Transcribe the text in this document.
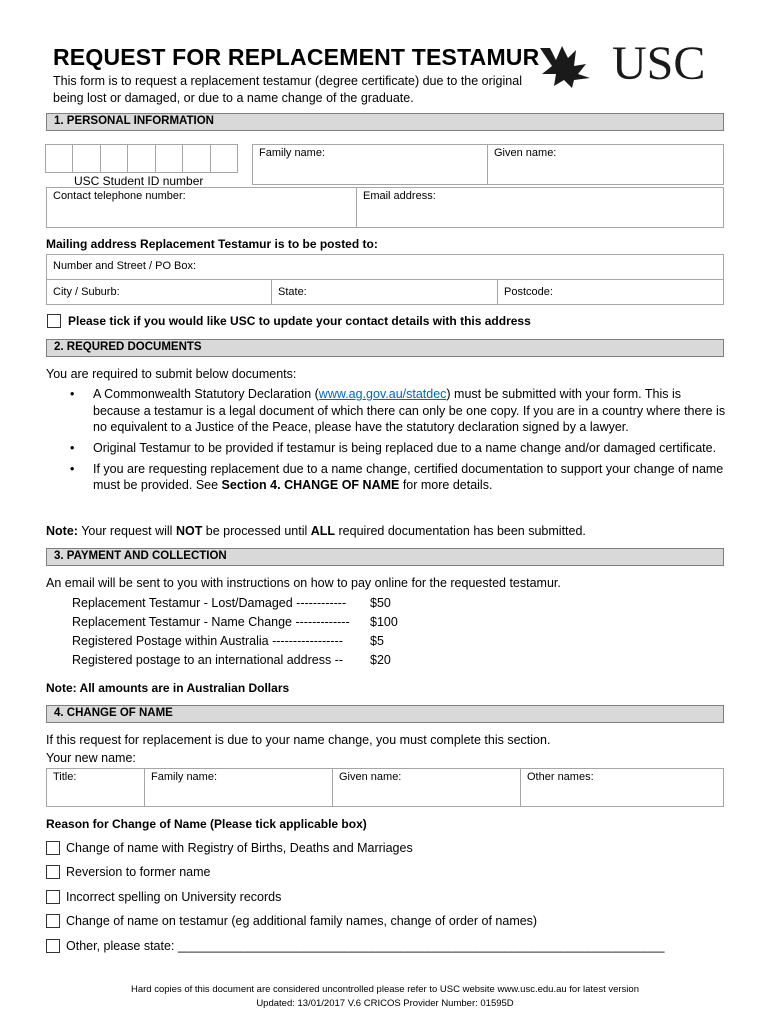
REQUEST FOR REPLACEMENT TESTAMUR
This form is to request a replacement testamur (degree certificate) due to the original being lost or damaged, or due to a name change of the graduate.
USC
1. PERSONAL INFORMATION
USC Student ID number
Family name:	Given name:
Contact telephone number:	Email address:
Mailing address Replacement Testamur is to be posted to:
Number and Street / PO Box:
City / Suburb:	State:	Postcode:
Please tick if you would like USC to update your contact details with this address
2. REQURED DOCUMENTS
You are required to submit below documents:
• A Commonwealth Statutory Declaration (www.ag.gov.au/statdec) must be submitted with your form. This is because a testamur is a legal document of which there can only be one copy. If you are in a country where there is no equivalent to a Justice of the Peace, please have the statutory declaration signed by a lawyer.
• Original Testamur to be provided if testamur is being replaced due to a name change and/or damaged certificate.
• If you are requesting replacement due to a name change, certified documentation to support your change of name must be provided. See Section 4. CHANGE OF NAME for more details.
Note: Your request will NOT be processed until ALL required documentation has been submitted.
3. PAYMENT AND COLLECTION
An email will be sent to you with instructions on how to pay online for the requested testamur.
Replacement Testamur - Lost/Damaged ------------	$50
Replacement Testamur - Name Change -------------	$100
Registered Postage within Australia -----------------	$5
Registered postage to an international address --	$20
Note: All amounts are in Australian Dollars
4. CHANGE OF NAME
If this request for replacement is due to your name change, you must complete this section.
Your new name:
Title:	Family name:	Given name:	Other names:
Reason for Change of Name (Please tick applicable box)
Change of name with Registry of Births, Deaths and Marriages
Reversion to former name
Incorrect spelling on University records
Change of name on testamur (eg additional family names, change of order of names)
Other, please state: ______________________________________________________________________
Hard copies of this document are considered uncontrolled please refer to USC website www.usc.edu.au for latest version
Updated: 13/01/2017 V.6 CRICOS Provider Number: 01595D
